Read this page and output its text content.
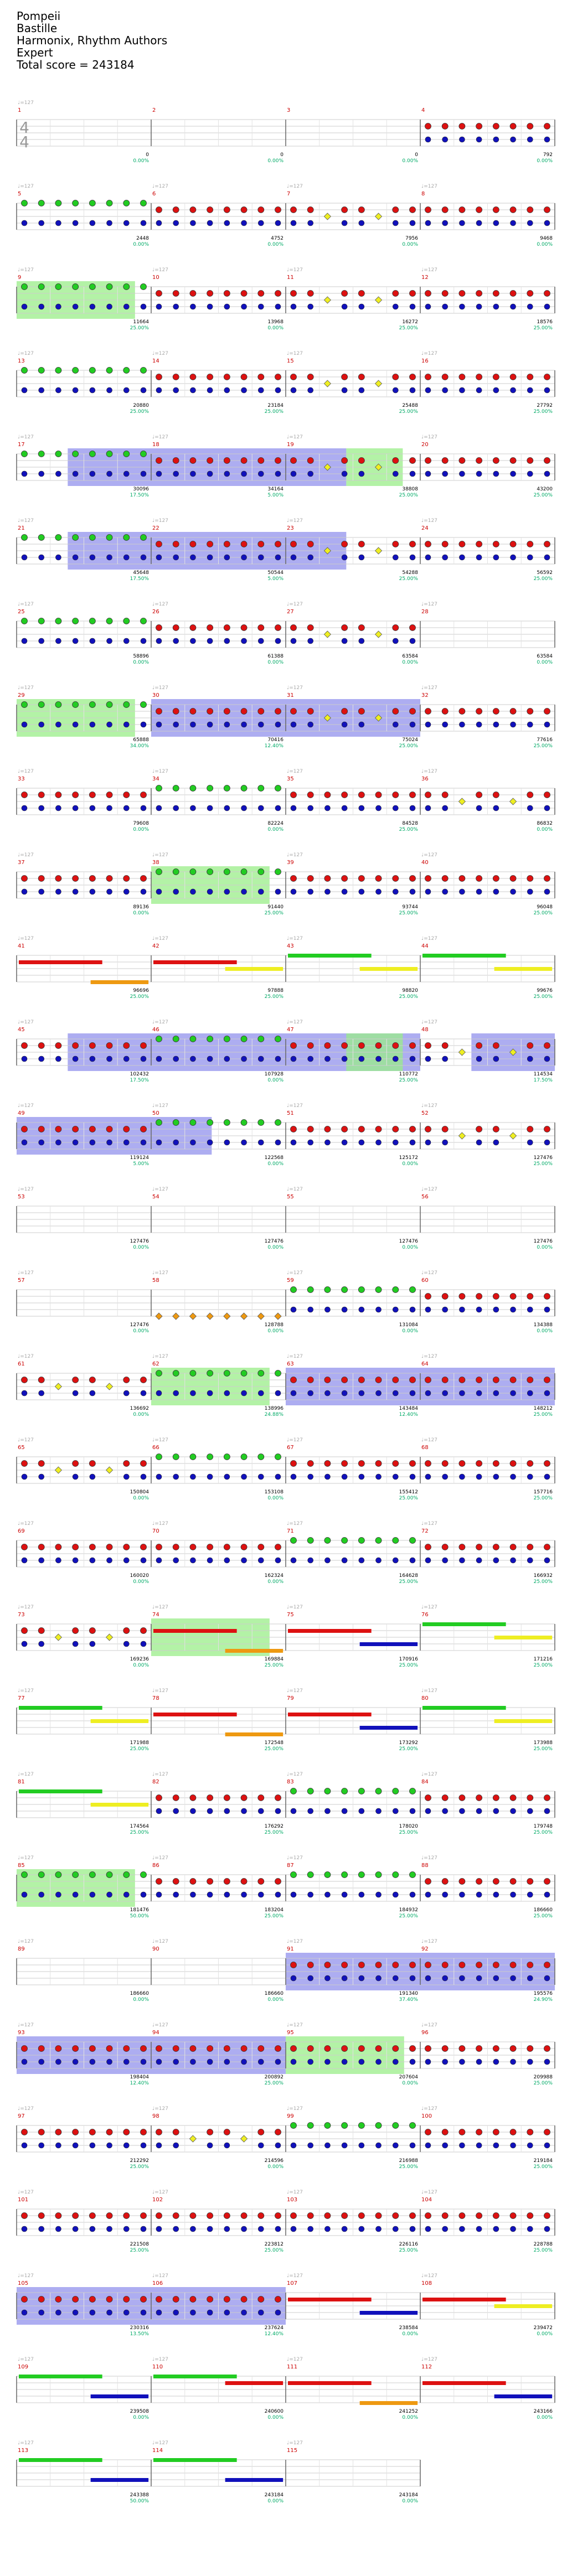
Pompeii
Bastille
Harmonix, Rhythm Authors
Expert
Total score = 243184
1
♩=127
4
4
0
0.00%
2
0
0.00%
3
0
0.00%
4
792
0.00%
5
♩=127
2448
0.00%
6
♩=127
4752
0.00%
7
♩=127
7956
0.00%
8
♩=127
9468
0.00%
9
♩=127
11664
25.00%
10
♩=127
13968
0.00%
11
♩=127
16272
25.00%
12
♩=127
18576
25.00%
13
♩=127
20880
25.00%
14
♩=127
23184
25.00%
15
♩=127
25488
25.00%
16
♩=127
27792
25.00%
17
♩=127
30096
17.50%
18
♩=127
34164
5.00%
19
♩=127
38808
25.00%
20
♩=127
43200
25.00%
21
♩=127
45648
17.50%
22
♩=127
50544
5.00%
23
♩=127
54288
25.00%
24
♩=127
56592
25.00%
25
♩=127
58896
0.00%
26
♩=127
61388
0.00%
27
♩=127
63584
0.00%
28
♩=127
63584
0.00%
29
♩=127
65888
34.00%
30
♩=127
70416
12.40%
31
♩=127
75024
25.00%
32
♩=127
77616
25.00%
33
♩=127
79608
0.00%
34
♩=127
82224
0.00%
35
♩=127
84528
25.00%
36
♩=127
86832
0.00%
37
♩=127
89136
0.00%
38
♩=127
91440
25.00%
39
♩=127
93744
25.00%
40
♩=127
96048
25.00%
41
♩=127
96696
25.00%
42
♩=127
97888
25.00%
43
♩=127
98820
25.00%
44
♩=127
99676
25.00%
45
♩=127
102432
17.50%
46
♩=127
107928
0.00%
47
♩=127
110772
25.00%
48
♩=127
114534
17.50%
49
♩=127
119124
5.00%
50
♩=127
122568
0.00%
51
♩=127
125172
0.00%
52
♩=127
127476
25.00%
53
♩=127
127476
0.00%
54
♩=127
127476
0.00%
55
♩=127
127476
0.00%
56
♩=127
127476
0.00%
57
♩=127
127476
0.00%
58
♩=127
128788
0.00%
59
♩=127
131084
0.00%
60
♩=127
134388
0.00%
61
♩=127
136692
0.00%
62
♩=127
138996
24.88%
63
♩=127
143484
12.40%
64
♩=127
148212
25.00%
65
♩=127
150804
0.00%
66
♩=127
153108
0.00%
67
♩=127
155412
25.00%
68
♩=127
157716
25.00%
69
♩=127
160020
0.00%
70
♩=127
162324
0.00%
71
♩=127
164628
25.00%
72
♩=127
166932
25.00%
73
♩=127
169236
0.00%
74
♩=127
169884
25.00%
75
♩=127
170916
25.00%
76
♩=127
171216
25.00%
77
♩=127
171988
25.00%
78
♩=127
172548
25.00%
79
♩=127
173292
25.00%
80
♩=127
173988
25.00%
81
♩=127
174564
25.00%
82
♩=127
176292
25.00%
83
♩=127
178020
25.00%
84
♩=127
179748
25.00%
85
♩=127
181476
50.00%
86
♩=127
183204
25.00%
87
♩=127
184932
25.00%
88
♩=127
186660
25.00%
89
♩=127
186660
0.00%
90
♩=127
186660
0.00%
91
♩=127
191340
37.40%
92
♩=127
195576
24.90%
93
♩=127
198404
12.40%
94
♩=127
200892
25.00%
95
♩=127
207604
0.00%
96
♩=127
209988
25.00%
97
♩=127
212292
25.00%
98
♩=127
214596
0.00%
99
♩=127
216988
25.00%
100
♩=127
219184
25.00%
101
♩=127
221508
25.00%
102
♩=127
223812
25.00%
103
♩=127
226116
25.00%
104
♩=127
228788
25.00%
105
♩=127
230316
13.50%
106
♩=127
237624
12.40%
107
♩=127
238584
0.00%
108
♩=127
239472
0.00%
109
♩=127
239508
0.00%
110
♩=127
240600
0.00%
111
♩=127
241252
0.00%
112
♩=127
243166
0.00%
113
♩=127
243388
50.00%
114
♩=127
243184
0.00%
115
♩=127
243184
0.00%
